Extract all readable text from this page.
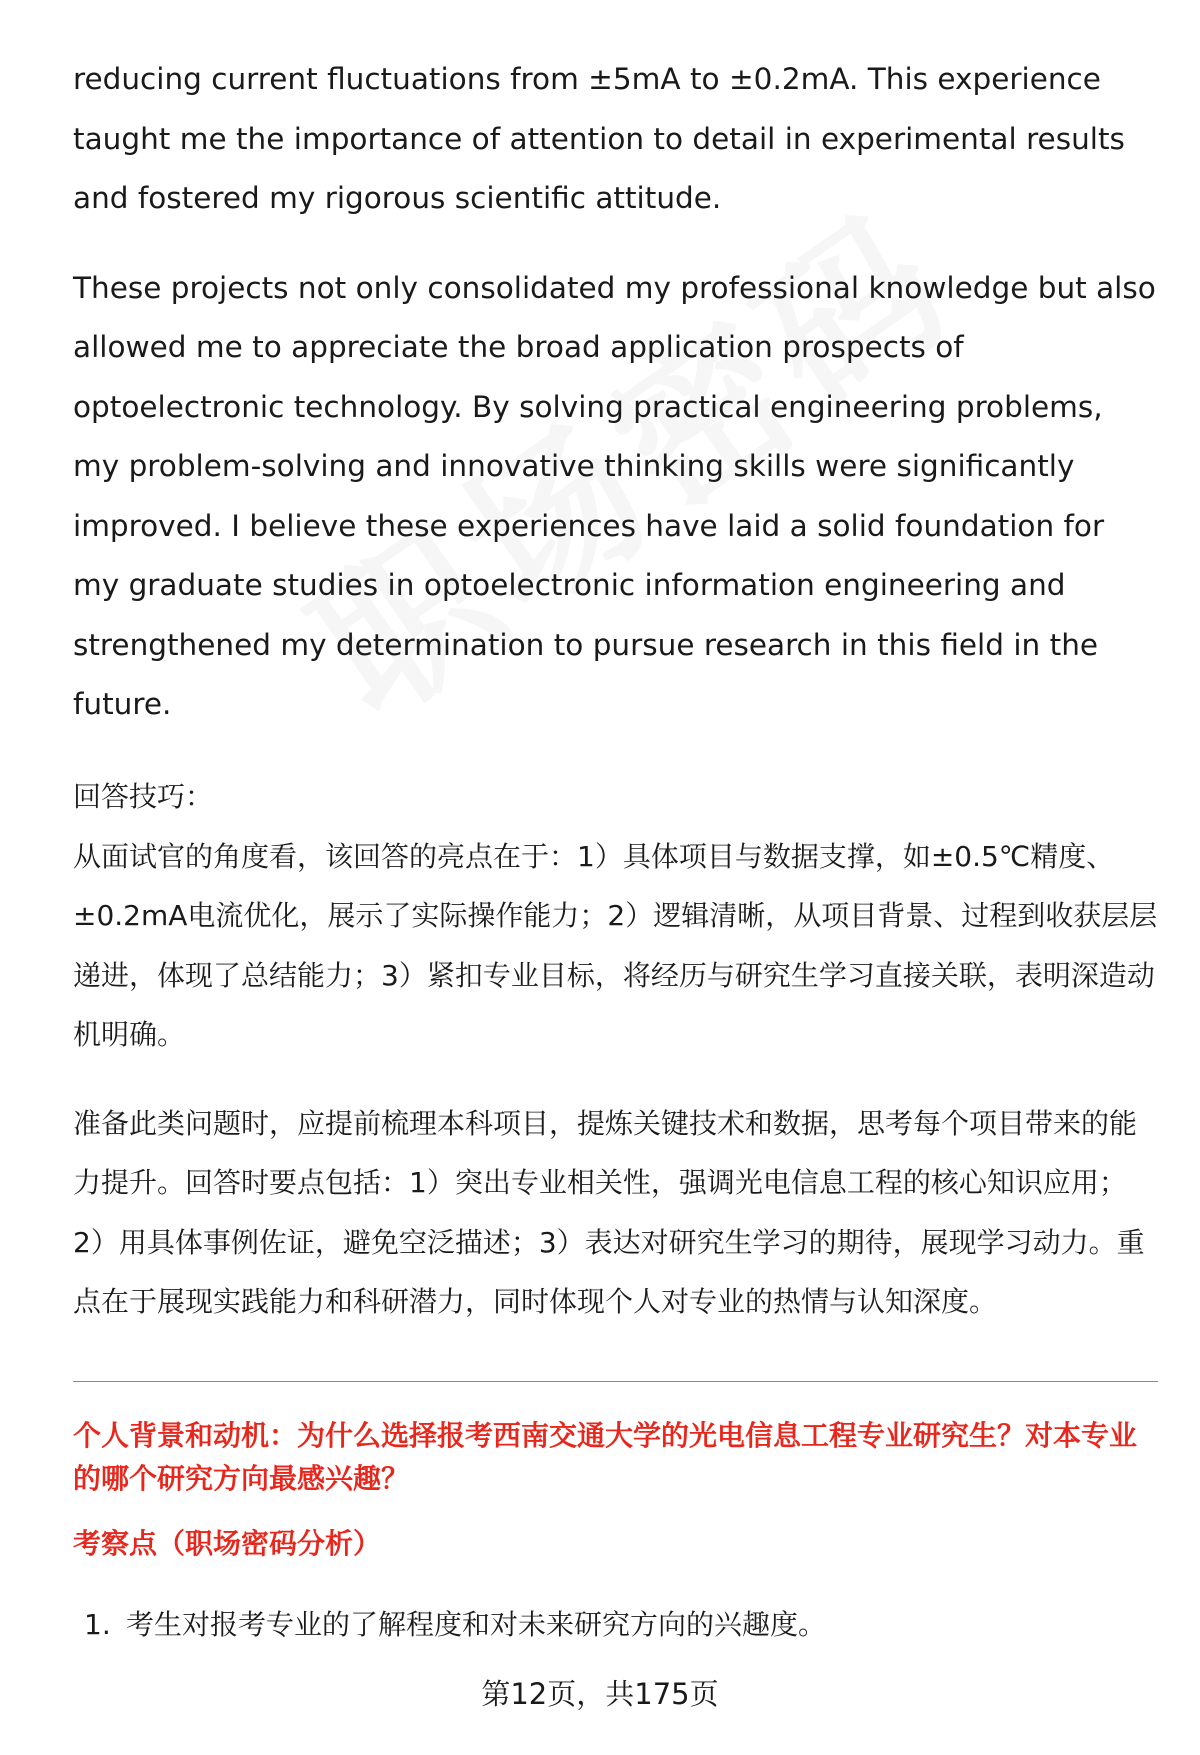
reducing current fluctuations from ±5mA to ±0.2mA. This experience taught me the importance of attention to detail in experimental results and fostered my rigorous scientific attitude.

These projects not only consolidated my professional knowledge but also allowed me to appreciate the broad application prospects of optoelectronic technology. By solving practical engineering problems, my problem-solving and innovative thinking skills were significantly improved. I believe these experiences have laid a solid foundation for my graduate studies in optoelectronic information engineering and strengthened my determination to pursue research in this field in the future.

回答技巧：

从面试官的角度看，该回答的亮点在于：1）具体项目与数据支撑，如±0.5℃精度、±0.2mA电流优化，展示了实际操作能力；2）逻辑清晰，从项目背景、过程到收获层层递进，体现了总结能力；3）紧扣专业目标，将经历与研究生学习直接关联，表明深造动机明确。

准备此类问题时，应提前梳理本科项目，提炼关键技术和数据，思考每个项目带来的能力提升。回答时要点包括：1）突出专业相关性，强调光电信息工程的核心知识应用；2）用具体事例佐证，避免空泛描述；3）表达对研究生学习的期待，展现学习动力。重点在于展现实践能力和科研潜力，同时体现个人对专业的热情与认知深度。

个人背景和动机：为什么选择报考西南交通大学的光电信息工程专业研究生？对本专业的哪个研究方向最感兴趣？

考察点（职场密码分析）

1. 考生对报考专业的了解程度和对未来研究方向的兴趣度。
第12页，共175页
